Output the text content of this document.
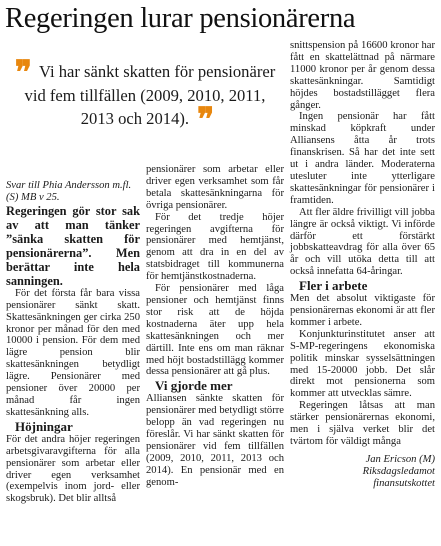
Regeringen lurar pensionärerna
❞ Vi har sänkt skatten för pensionärer vid fem tillfällen (2009, 2010, 2011, 2013 och 2014). ❞

Svar till Phia Andersson m.fl. (S) MB v 25.

Regeringen gör stor sak av att man tänker ”sänka skatten för pensionärerna”. Men berättar inte hela sanningen.

För det första får bara vissa pensionärer sänkt skatt. Skattesänkningen ger cirka 250 kronor per månad för den med 10000 i pension. För dem med lägre pension blir skattesänkningen betydligt lägre. Pensionärer med pensioner över 20000 per månad får ingen skattesänkning alls.

Höjningar

För det andra höjer regeringen arbetsgivaravgifterna för alla pensionärer som arbetar eller driver egen verksamhet (exempelvis inom jord- eller skogsbruk). Det blir alltså

pensionärer som arbetar eller driver egen verksamhet som får betala skattesänkningarna för övriga pensionärer.

För det tredje höjer regeringen avgifterna för pensionärer med hemtjänst, genom att dra in en del av statsbidraget till kommunerna för hemtjänstkostnaderna.

För pensionärer med låga pensioner och hemtjänst finns stor risk att de höjda kostnaderna äter upp hela skattesänkningen och mer därtill. Inte ens om man räknar med höjt bostadstillägg kommer dessa pensionärer att gå plus.

Vi gjorde mer

Alliansen sänkte skatten för pensionärer med betydligt större belopp än vad regeringen nu föreslår. Vi har sänkt skatten för pensionärer vid fem tillfällen (2009, 2010, 2011, 2013 och 2014). En pensionär med en genom-

snittspension på 16600 kronor har fått en skattelättnad på närmare 11000 kronor per år genom dessa skattesänkningar. Samtidigt höjdes bostadstillägget flera gånger.

Ingen pensionär har fått minskad köpkraft under Alliansens åtta år trots finanskrisen. Så har det inte sett ut i andra länder. Moderaterna utesluter inte ytterligare skattesänkningar för pensionärer i framtiden.

Att fler äldre frivilligt vill jobba längre är också viktigt. Vi införde därför ett förstärkt jobbskatteavdrag för alla över 65 år och vill utöka detta till att också innefatta 64-åringar.

Fler i arbete

Men det absolut viktigaste för pensionärernas ekonomi är att fler kommer i arbete.

Konjunkturinstitutet anser att S-MP-regeringens ekonomiska politik minskar sysselsättningen med 15-20000 jobb. Det slår direkt mot pensionerna som kommer att utvecklas sämre.

Regeringen låtsas att man stärker pensionärernas ekonomi, men i själva verket blir det tvärtom för väldigt många

Jan Ericson (M)

Riksdagsledamot

finansutskottet
